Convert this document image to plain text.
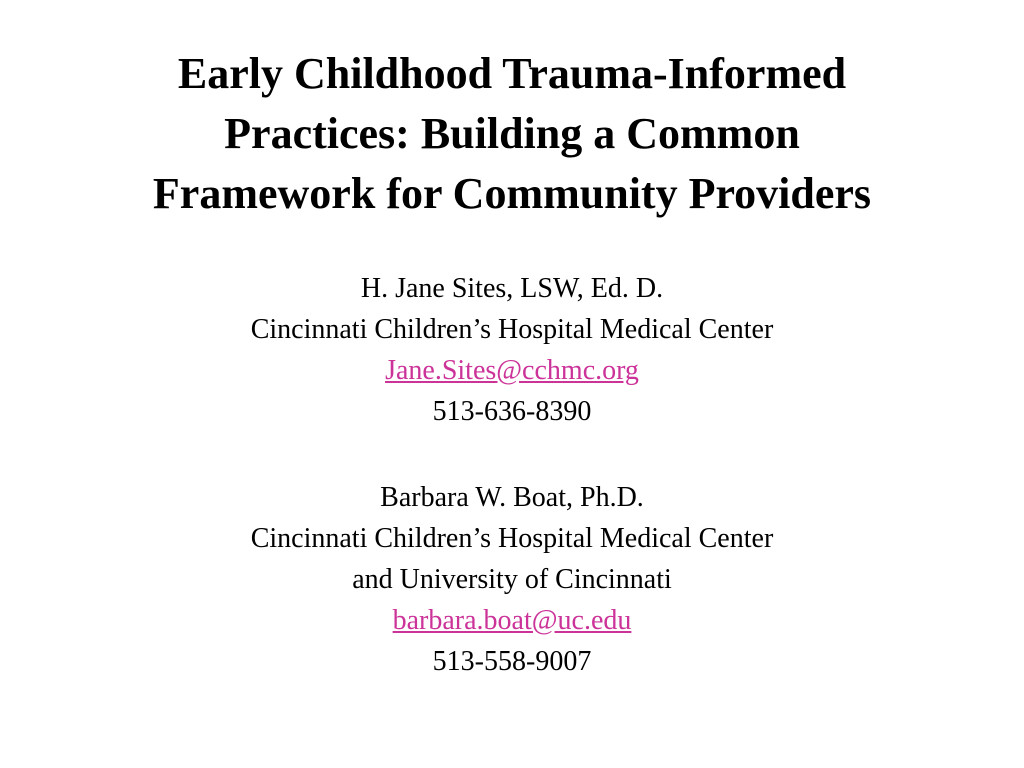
Early Childhood Trauma-Informed
Practices: Building a Common
Framework for Community Providers
H. Jane Sites, LSW, Ed. D.
Cincinnati Children’s Hospital Medical Center
Jane.Sites@cchmc.org
513-636-8390
Barbara W. Boat, Ph.D.
Cincinnati Children’s Hospital Medical Center
and University of Cincinnati
barbara.boat@uc.edu
513-558-9007
